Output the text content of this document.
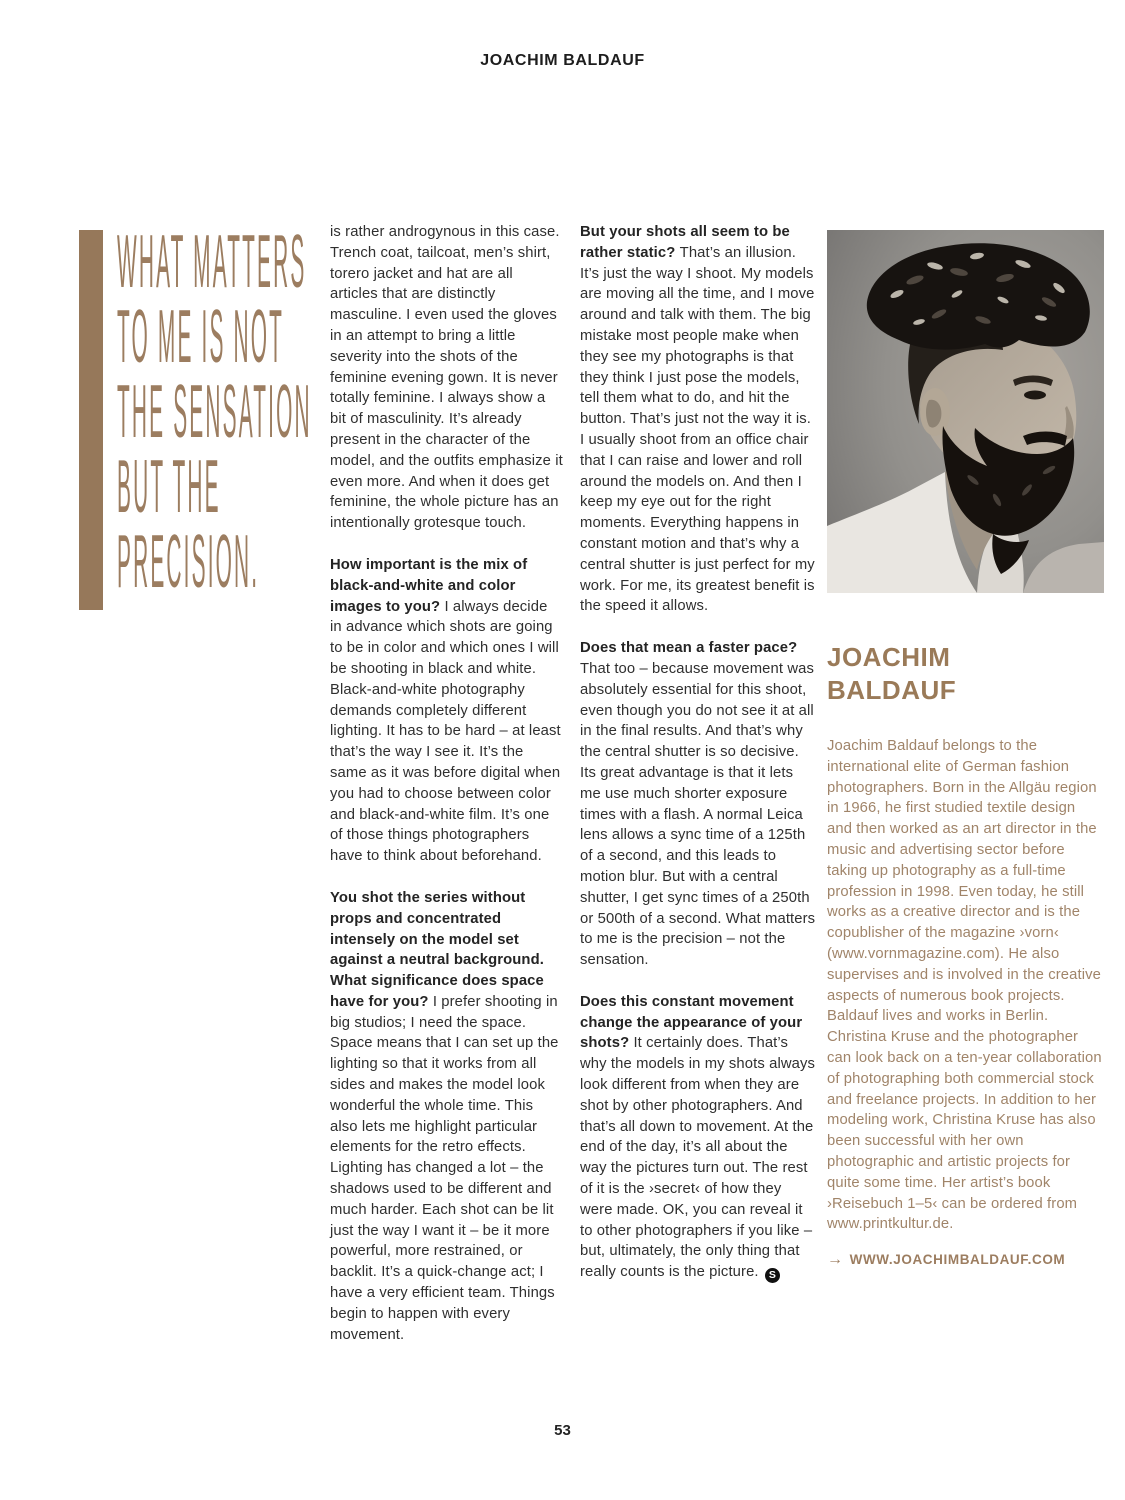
JOACHIM BALDAUF
WHAT MATTERS
TO ME IS NOT
THE SENSATION
BUT THE
PRECISION.

is rather androgynous in this case. Trench coat, tailcoat, men’s shirt, torero jacket and hat are all articles that are distinctly masculine. I even used the gloves in an attempt to bring a little severity into the shots of the feminine evening gown. It is never totally feminine. I always show a bit of masculinity. It’s already present in the character of the model, and the outfits emphasize it even more. And when it does get feminine, the whole picture has an intentionally grotesque touch.

How important is the mix of black-and-white and color images to you? I always decide in advance which shots are going to be in color and which ones I will be shooting in black and white. Black-and-white photography demands completely different lighting. It has to be hard – at least that’s the way I see it. It’s the same as it was before digital when you had to choose between color and black-and-white film. It’s one of those things photographers have to think about beforehand.

You shot the series without props and concentrated intensely on the model set against a neutral background. What significance does space have for you? I prefer shooting in big studios; I need the space. Space means that I can set up the lighting so that it works from all sides and makes the model look wonderful the whole time. This also lets me highlight particular elements for the retro effects. Lighting has changed a lot – the shadows used to be different and much harder. Each shot can be lit just the way I want it – be it more powerful, more restrained, or backlit. It’s a quick-change act; I have a very efficient team. Things begin to happen with every movement.

But your shots all seem to be rather static? That’s an illusion. It’s just the way I shoot. My models are moving all the time, and I move around and talk with them. The big mistake most people make when they see my photographs is that they think I just pose the models, tell them what to do, and hit the button. That’s just not the way it is. I usually shoot from an office chair that I can raise and lower and roll around the models on. And then I keep my eye out for the right moments. Everything happens in constant motion and that’s why a central shutter is just perfect for my work. For me, its greatest benefit is the speed it allows.

Does that mean a faster pace? That too – because movement was absolutely essential for this shoot, even though you do not see it at all in the final results. And that’s why the central shutter is so decisive. Its great advantage is that it lets me use much shorter exposure times with a flash. A normal Leica lens allows a sync time of a 125th of a second, and this leads to motion blur. But with a central shutter, I get sync times of a 250th or 500th of a second. What matters to me is the precision – not the sensation.

Does this constant movement change the appearance of your shots? It certainly does. That’s why the models in my shots always look different from when they are shot by other photographers. And that’s all down to movement. At the end of the day, it’s all about the way the pictures turn out. The rest of it is the ›secret‹ of how they were made. OK, you can reveal it to other photographers if you like – but, ultimately, the only thing that really counts is the picture. S

JOACHIM
BALDAUF
Joachim Baldauf belongs to the international elite of German fashion photographers. Born in the Allgäu region in 1966, he first studied textile design and then worked as an art director in the music and advertising sector before taking up photography as a full-time profession in 1998. Even today, he still works as a creative director and is the copublisher of the magazine ›vorn‹ (www.vornmagazine.com). He also supervises and is involved in the creative aspects of numerous book projects. Baldauf lives and works in Berlin. Christina Kruse and the photographer can look back on a ten-year collaboration of photographing both commercial stock and freelance projects. In addition to her modeling work, Christina Kruse has also been successful with her own photographic and artistic projects for quite some time. Her artist’s book ›Reisebuch 1–5‹ can be ordered from www.printkultur.de.
→ WWW.JOACHIMBALDAUF.COM
53
